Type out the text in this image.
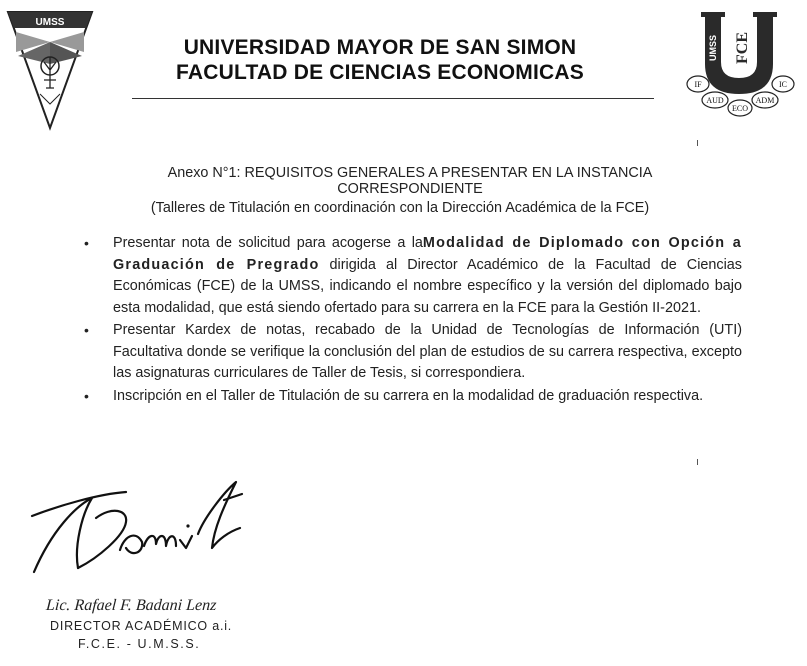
UMSS
UNIVERSIDAD MAYOR DE SAN SIMON
FACULTAD DE CIENCIAS ECONOMICAS
UMSS FCE
IF
AUD
ECO
ADM
IC
Anexo N°1: REQUISITOS GENERALES A PRESENTAR EN LA INSTANCIA CORRESPONDIENTE
(Talleres de Titulación en coordinación con la Dirección Académica de la FCE)
• Presentar nota de solicitud para acogerse a laModalidad de Diplomado con Opción a Graduación de Pregrado dirigida al Director Académico de la Facultad de Ciencias Económicas (FCE) de la UMSS, indicando el nombre específico y la versión del diplomado bajo esta modalidad, que está siendo ofertado para su carrera en la FCE para la Gestión II-2021.
• Presentar Kardex de notas, recabado de la Unidad de Tecnologías de Información (UTI) Facultativa donde se verifique la conclusión del plan de estudios de su carrera respectiva, excepto las asignaturas curriculares de Taller de Tesis, si correspondiera.
• Inscripción en el Taller de Titulación de su carrera en la modalidad de graduación respectiva.
Lic. Rafael F. Badani Lenz
DIRECTOR ACADÉMICO a.i.
F.C.E. - U.M.S.S.
